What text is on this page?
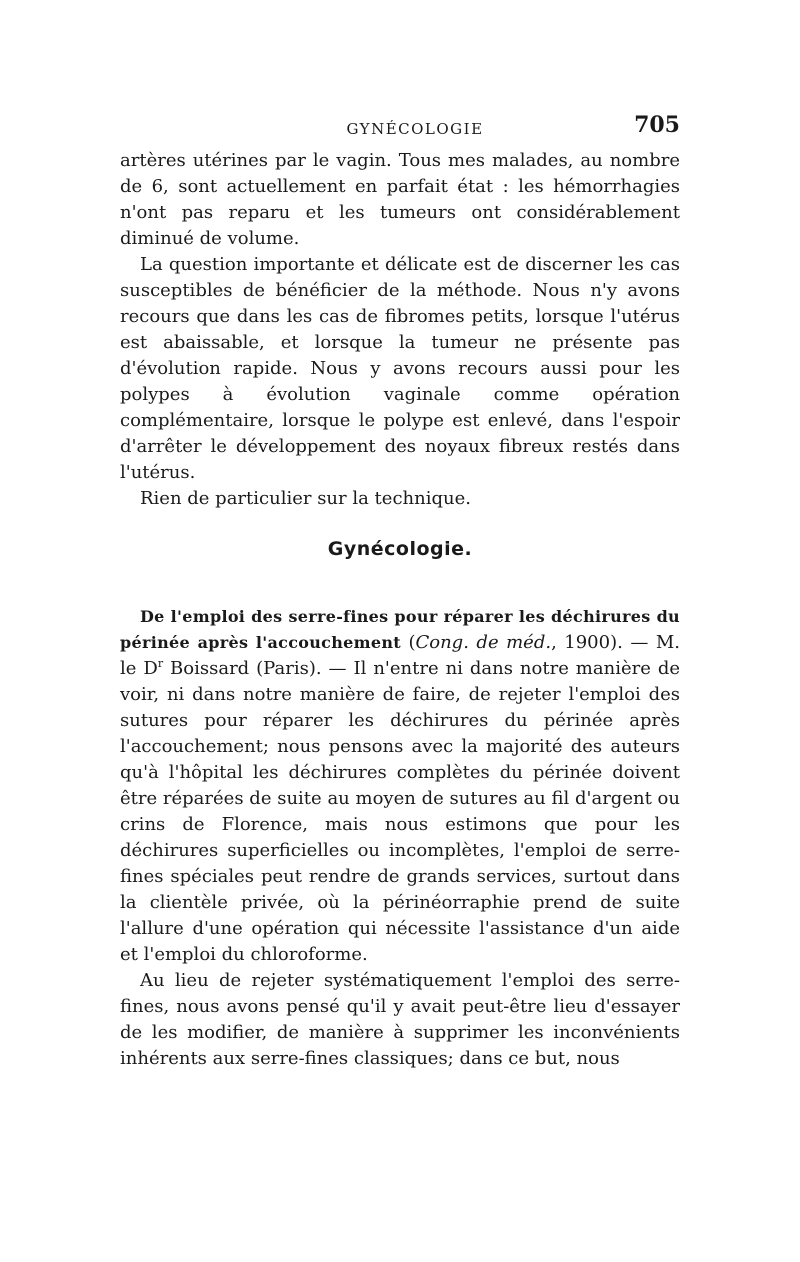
GYNÉCOLOGIE	705

artères utérines par le vagin. Tous mes malades, au nombre de 6, sont actuellement en parfait état : les hémorrhagies n'ont pas reparu et les tumeurs ont considérablement diminué de volume.

La question importante et délicate est de discerner les cas susceptibles de bénéficier de la méthode. Nous n'y avons recours que dans les cas de fibromes petits, lorsque l'utérus est abaissable, et lorsque la tumeur ne présente pas d'évolution rapide. Nous y avons recours aussi pour les polypes à évolution vaginale comme opération complémentaire, lorsque le polype est enlevé, dans l'espoir d'arrêter le développement des noyaux fibreux restés dans l'utérus.

Rien de particulier sur la technique.

Gynécologie.

De l'emploi des serre-fines pour réparer les déchirures du périnée après l'accouchement (Cong. de méd., 1900). — M. le $D^r$ Boissard (Paris). — Il n'entre ni dans notre manière de voir, ni dans notre manière de faire, de rejeter l'emploi des sutures pour réparer les déchirures du périnée après l'accouchement; nous pensons avec la majorité des auteurs qu'à l'hôpital les déchirures complètes du périnée doivent être réparées de suite au moyen de sutures au fil d'argent ou crins de Florence, mais nous estimons que pour les déchirures superficielles ou incomplètes, l'emploi de serre-fines spéciales peut rendre de grands services, surtout dans la clientèle privée, où la périnéorraphie prend de suite l'allure d'une opération qui nécessite l'assistance d'un aide et l'emploi du chloroforme.

Au lieu de rejeter systématiquement l'emploi des serre-fines, nous avons pensé qu'il y avait peut-être lieu d'essayer de les modifier, de manière à supprimer les inconvénients inhérents aux serre-fines classiques; dans ce but, nous
